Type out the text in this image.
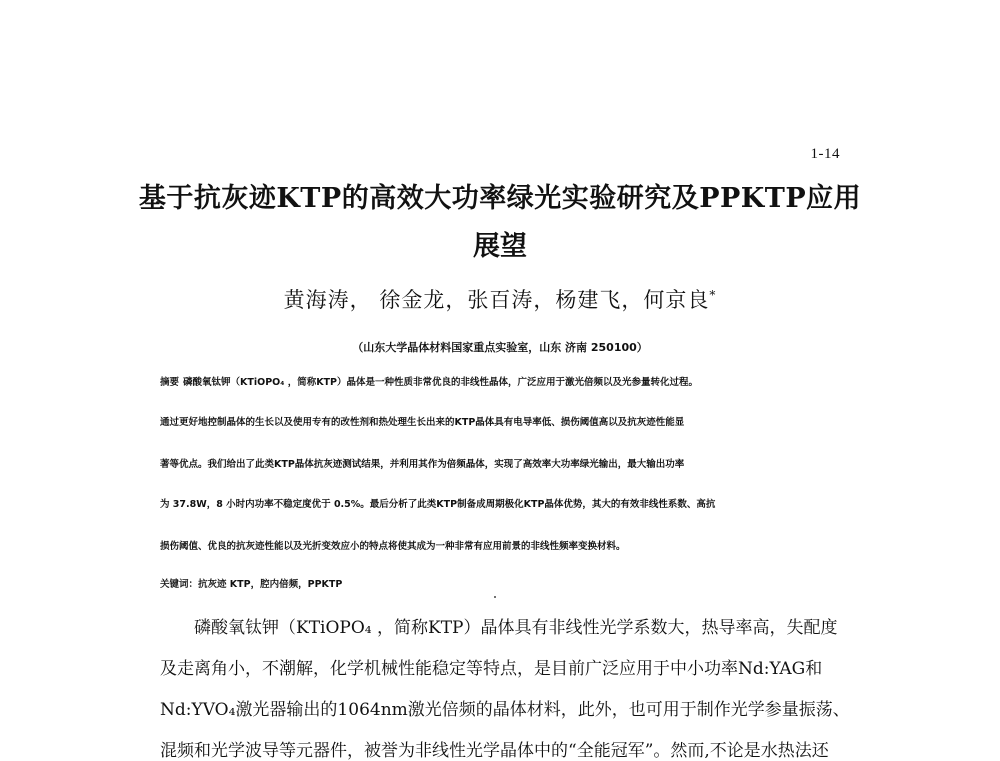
1-14
基于抗灰迹KTP的高效大功率绿光实验研究及PPKTP应用
展望
黄海涛， 徐金龙，张百涛，杨建飞，何京良*
（山东大学晶体材料国家重点实验室，山东 济南 250100）
摘要 磷酸氧钛钾（KTiOPO₄ ，简称KTP）晶体是一种性质非常优良的非线性晶体，广泛应用于激光倍频以及光参量转化过程。
通过更好地控制晶体的生长以及使用专有的改性剂和热处理生长出来的KTP晶体具有电导率低、损伤阈值高以及抗灰迹性能显
著等优点。我们给出了此类KTP晶体抗灰迹测试结果，并利用其作为倍频晶体，实现了高效率大功率绿光输出，最大输出功率
为 37.8W，8 小时内功率不稳定度优于 0.5%。最后分析了此类KTP制备成周期极化KTP晶体优势，其大的有效非线性系数、高抗
损伤阈值、优良的抗灰迹性能以及光折变效应小的特点将使其成为一种非常有应用前景的非线性频率变换材料。
关键词：抗灰迹 KTP，腔内倍频，PPKTP
磷酸氧钛钾（KTiOPO₄ ，简称KTP）晶体具有非线性光学系数大，热导率高，失配度
及走离角小，不潮解，化学机械性能稳定等特点，是目前广泛应用于中小功率Nd:YAG和
Nd:YVO₄激光器输出的1064nm激光倍频的晶体材料，此外，也可用于制作光学参量振荡、
混频和光学波导等元器件，被誉为非线性光学晶体中的“全能冠军”。然而,不论是水热法还
